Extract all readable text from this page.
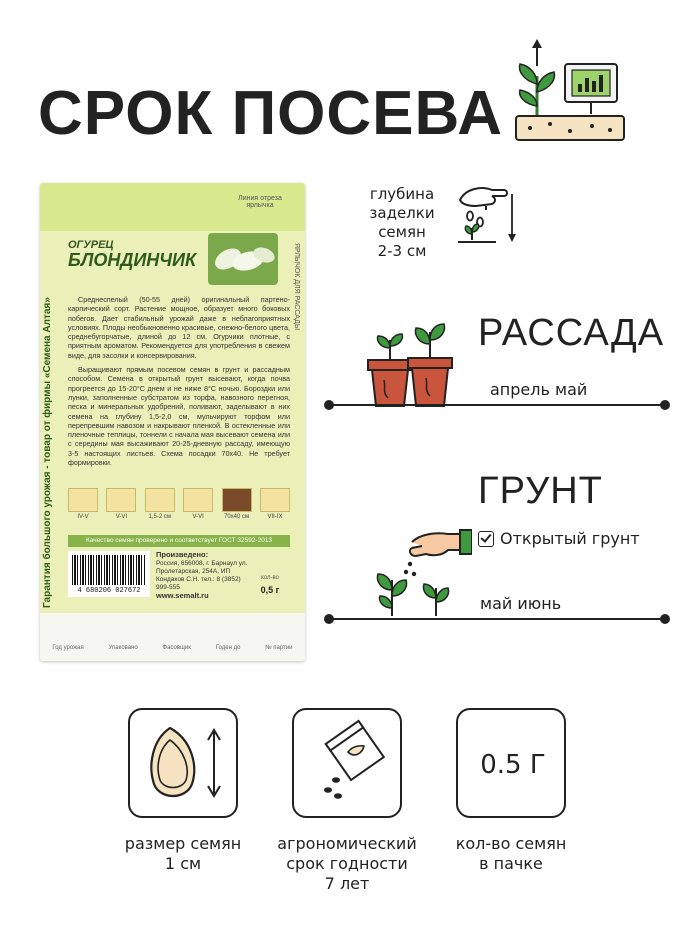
СРОК ПОСЕВА
Линия отреза ярлычка
ОГУРЕЦ
БЛОНДИНЧИК	ЯРЛЫЧОК ДЛЯ РАССАДЫ
Гарантия большого урожая - товар от фирмы «Семена Алтая»	Среднеспелый (50-55 дней) оригинальный партено-карпический сорт. Растение мощное, образует много боковых побегов. Дает стабильный урожай даже в неблагоприятных условиях. Плоды необыкновенно красивые, снежно-белого цвета, среднебугорчатые, длиной до 12 см. Огурчики плотные, с приятным ароматом. Рекомендуется для употребления в свежем виде, для засолки и консервирования.

Выращивают прямым посевом семян в грунт и рассадным способом. Семена в открытый грунт высевают, когда почва прогреется до 15-20°С днем и не ниже 8°С ночью. Бороздки или лунки, заполненные субстратом из торфа, навозного перегноя, песка и минеральных удобрений, поливают, заделывают в них семена на глубину 1,5-2,0 см, мульчируют торфом или перепревшим навозом и накрывают пленкой. В остекленные или пленочные теплицы, тоннели с начала мая высевают семена или с середины мая высаживают 20-25-дневную рассаду, имеющую 3-5 настоящих листьев. Схема посадки 70х40. Не требует формировки.

IV-V	V-VI	1,5-2 см	V-VI	70х40 см	VII-IX
Качество семян проверено и соответствует ГОСТ 32592-2013
4 680206 027672
Произведено:
Россия, 656008, г. Барнаул ул. Пролетарская, 254А, ИП Кондаков С.Н. тел.: 8 (3852) 999-555
www.semalt.ru
кол-во
0,5 г
Год урожая	Упаковано	Фасовщик	Годен до	№ партии
глубина
заделки
семян
2-3 см
РАССАДА
апрель май
ГРУНТ
Открытый грунт
май июнь
0.5 Г
размер семян
1 см
агрономический
срок годности
7 лет
кол-во семян
в пачке
